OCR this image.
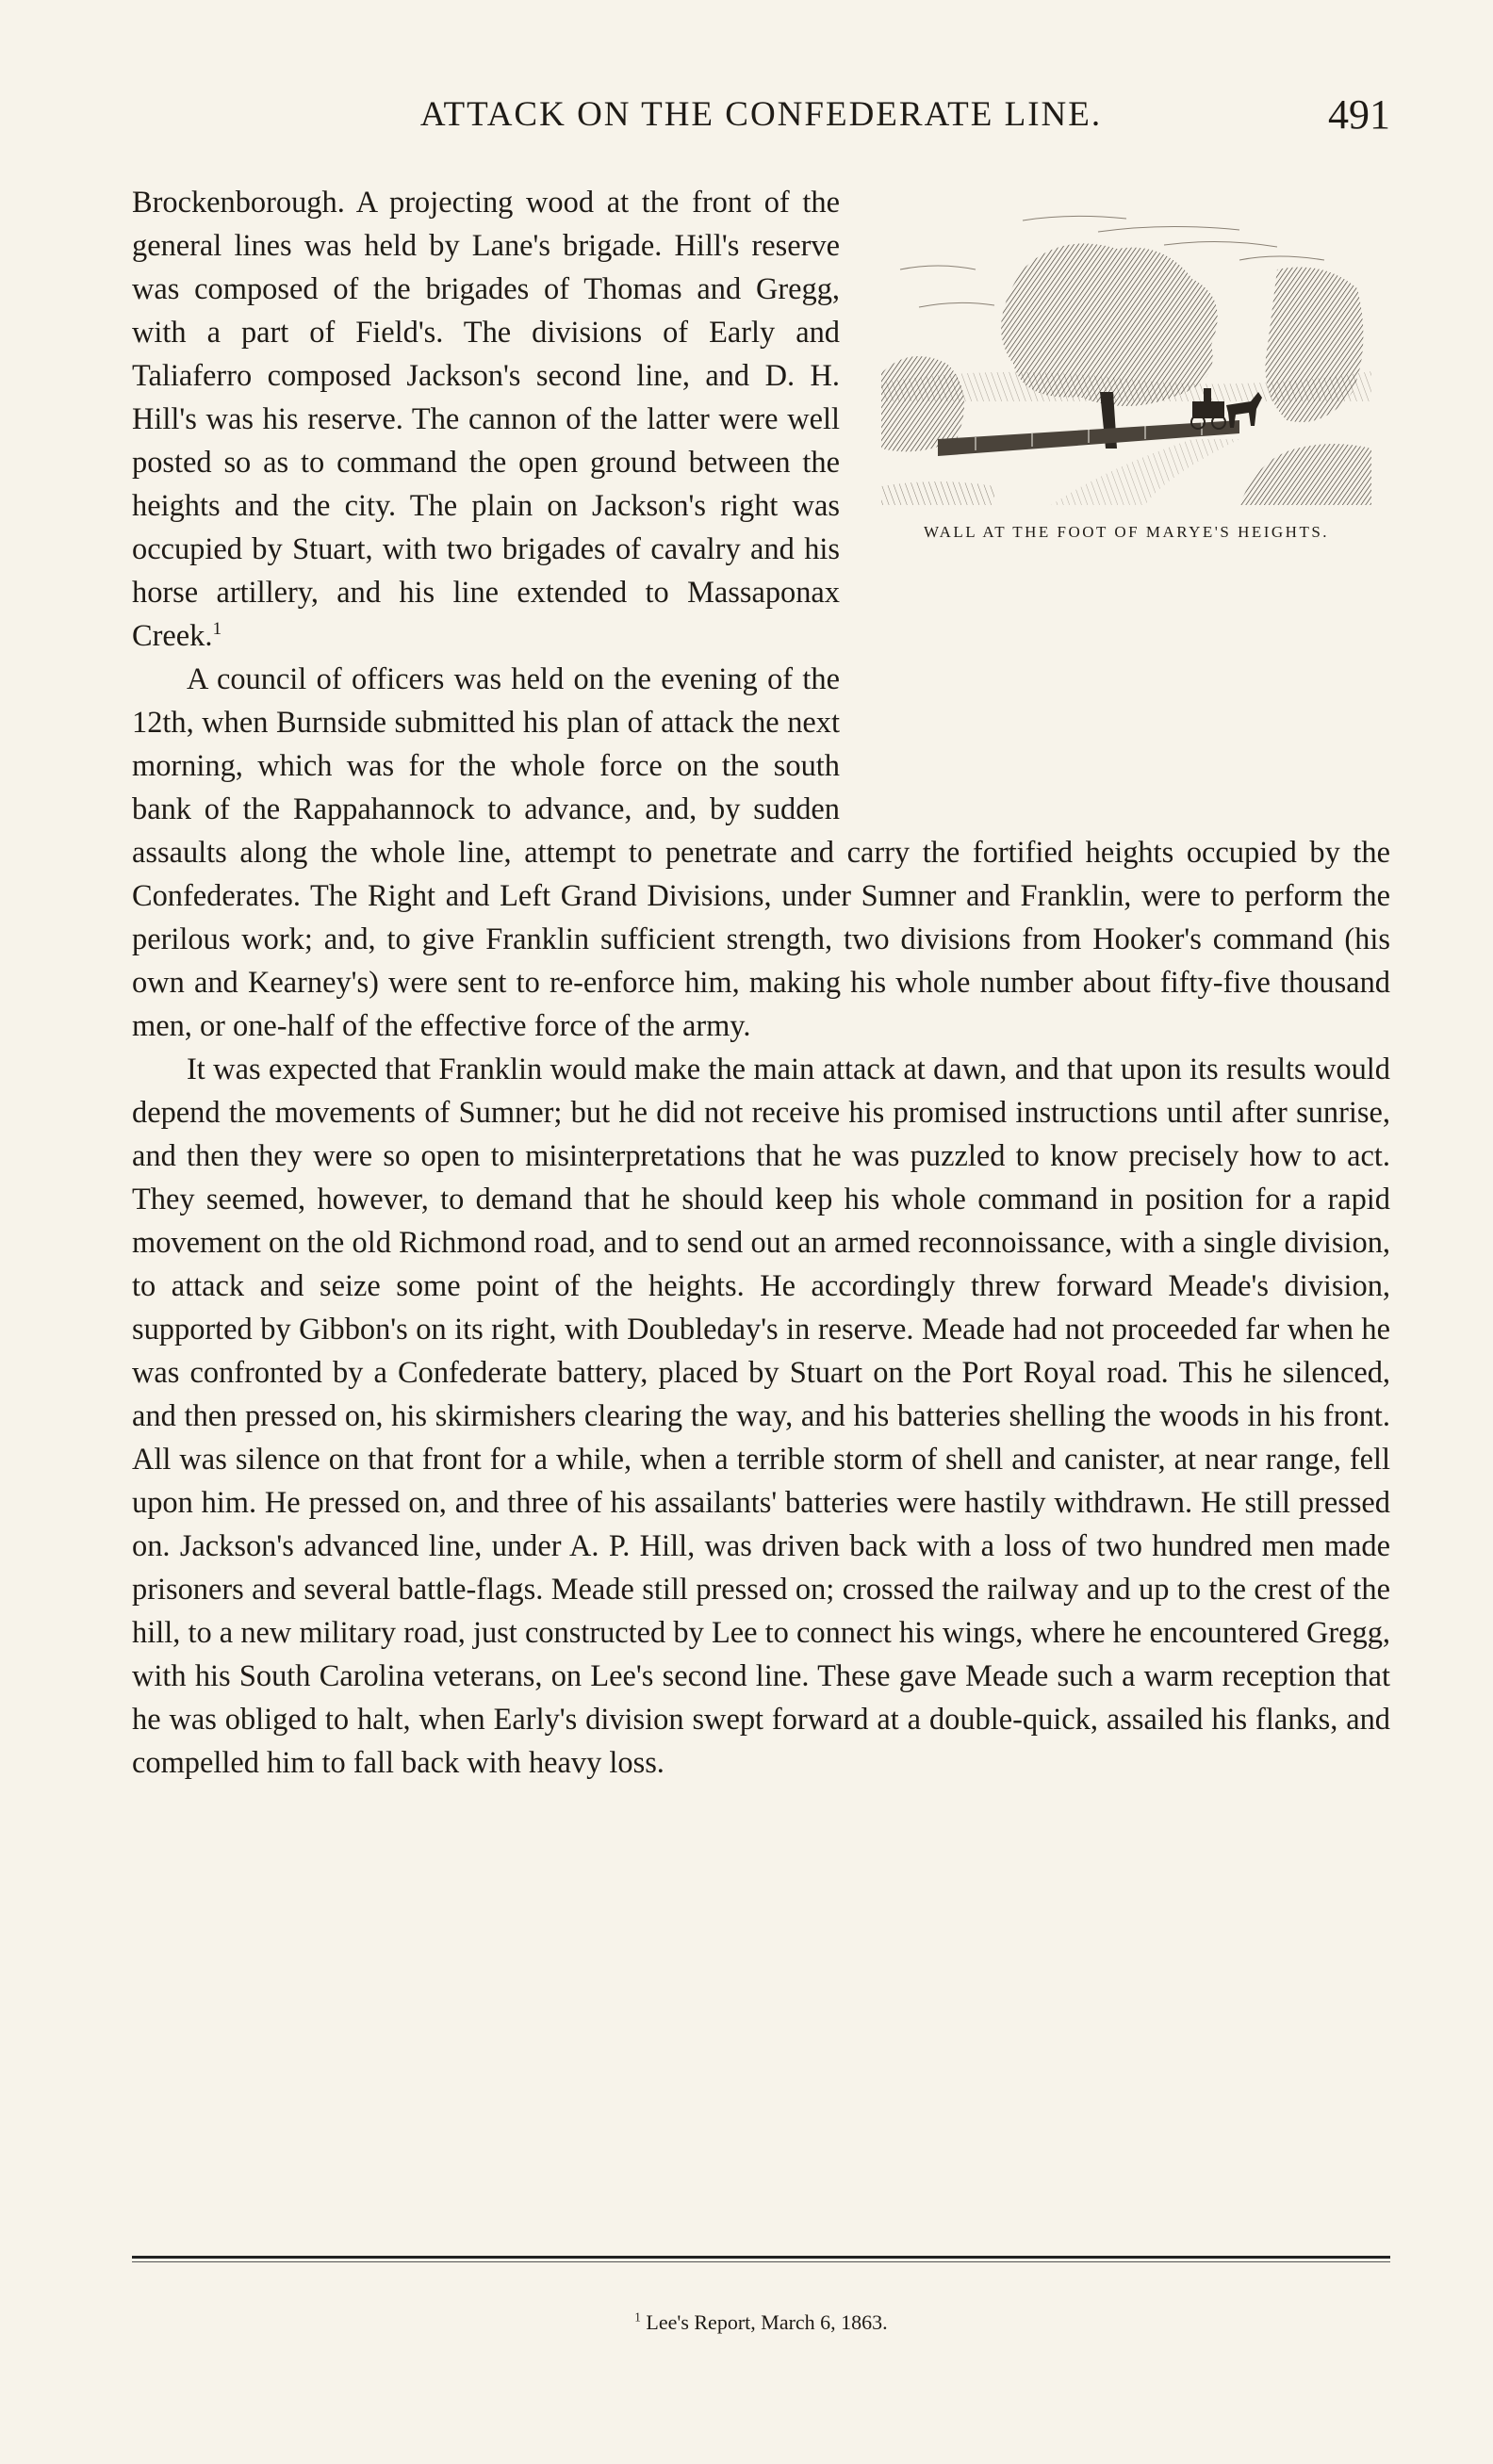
ATTACK ON THE CONFEDERATE LINE.	491
WALL AT THE FOOT OF MARYE'S HEIGHTS.

Brockenborough. A projecting wood at the front of the general lines was held by Lane's brigade. Hill's reserve was composed of the brigades of Thomas and Gregg, with a part of Field's. The divisions of Early and Taliaferro composed Jackson's second line, and D. H. Hill's was his reserve. The cannon of the latter were well posted so as to command the open ground between the heights and the city. The plain on Jackson's right was occupied by Stuart, with two brigades of cavalry and his horse artillery, and his line extended to Massaponax Creek.$^1$

A council of officers was held on the evening of the 12th, when Burnside submitted his plan of attack the next morning, which was for the whole force on the south bank of the Rappahannock to advance, and, by sudden assaults along the whole line, attempt to penetrate and carry the fortified heights occupied by the Confederates. The Right and Left Grand Divisions, under Sumner and Franklin, were to perform the perilous work; and, to give Franklin sufficient strength, two divisions from Hooker's command (his own and Kearney's) were sent to re-enforce him, making his whole number about fifty-five thousand men, or one-half of the effective force of the army.

It was expected that Franklin would make the main attack at dawn, and that upon its results would depend the movements of Sumner; but he did not receive his promised instructions until after sunrise, and then they were so open to misinterpretations that he was puzzled to know precisely how to act. They seemed, however, to demand that he should keep his whole command in position for a rapid movement on the old Richmond road, and to send out an armed reconnoissance, with a single division, to attack and seize some point of the heights. He accordingly threw forward Meade's division, supported by Gibbon's on its right, with Doubleday's in reserve. Meade had not proceeded far when he was confronted by a Confederate battery, placed by Stuart on the Port Royal road. This he silenced, and then pressed on, his skirmishers clearing the way, and his batteries shelling the woods in his front. All was silence on that front for a while, when a terrible storm of shell and canister, at near range, fell upon him. He pressed on, and three of his assailants' batteries were hastily withdrawn. He still pressed on. Jackson's advanced line, under A. P. Hill, was driven back with a loss of two hundred men made prisoners and several battle-flags. Meade still pressed on; crossed the railway and up to the crest of the hill, to a new military road, just constructed by Lee to connect his wings, where he encountered Gregg, with his South Carolina veterans, on Lee's second line. These gave Meade such a warm reception that he was obliged to halt, when Early's division swept forward at a double-quick, assailed his flanks, and compelled him to fall back with heavy loss.

$^1$ Lee's Report, March 6, 1863.
